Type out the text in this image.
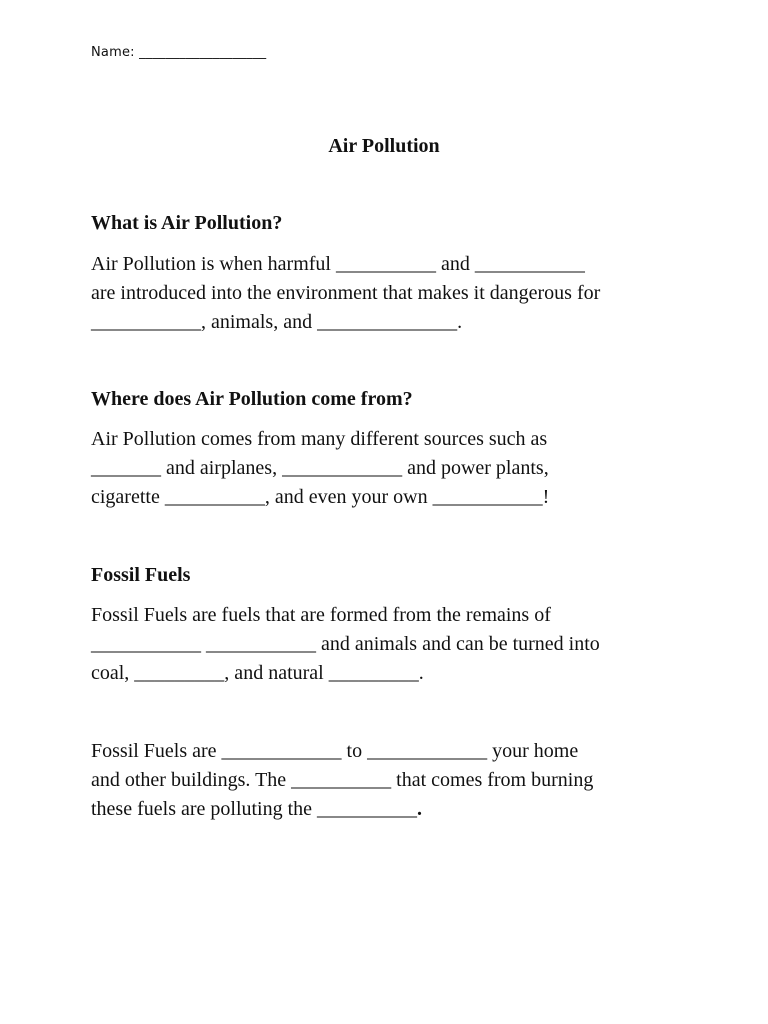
Name: ___________________
Air Pollution
What is Air Pollution?
Air Pollution is when harmful __________ and ___________
are introduced into the environment that makes it dangerous for
___________, animals, and ______________.
Where does Air Pollution come from?
Air Pollution comes from many different sources such as
_______ and airplanes, ____________ and power plants,
cigarette __________, and even your own ___________!
Fossil Fuels
Fossil Fuels are fuels that are formed from the remains of
___________ ___________ and animals and can be turned into
coal, _________, and natural _________.
Fossil Fuels are ____________ to ____________ your home
and other buildings. The __________ that comes from burning
these fuels are polluting the __________.
